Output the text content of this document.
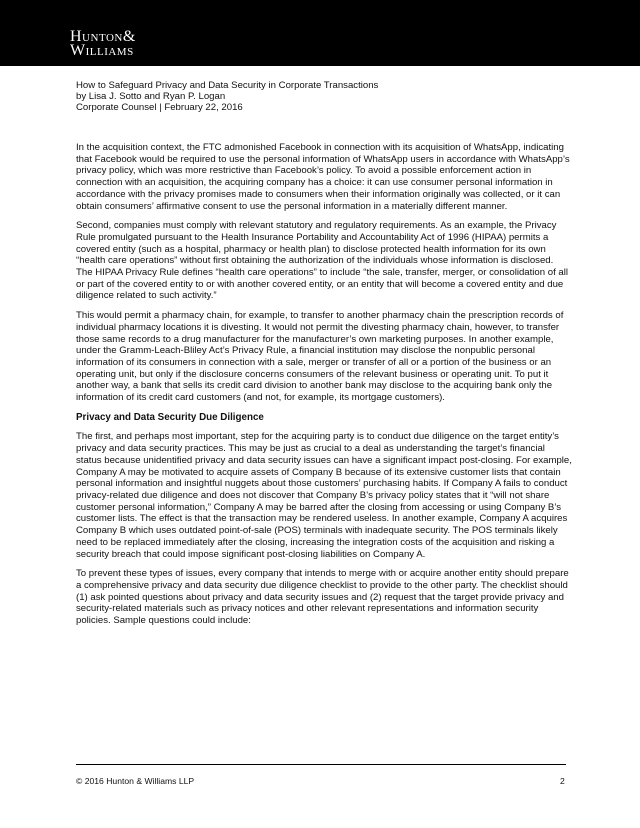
Hunton&
Williams
How to Safeguard Privacy and Data Security in Corporate Transactions
by Lisa J. Sotto and Ryan P. Logan
Corporate Counsel | February 22, 2016

In the acquisition context, the FTC admonished Facebook in connection with its acquisition of WhatsApp, indicating that Facebook would be required to use the personal information of WhatsApp users in accordance with WhatsApp’s privacy policy, which was more restrictive than Facebook’s policy. To avoid a possible enforcement action in connection with an acquisition, the acquiring company has a choice: it can use consumer personal information in accordance with the privacy promises made to consumers when their information originally was collected, or it can obtain consumers’ affirmative consent to use the personal information in a materially different manner.

Second, companies must comply with relevant statutory and regulatory requirements. As an example, the Privacy Rule promulgated pursuant to the Health Insurance Portability and Accountability Act of 1996 (HIPAA) permits a covered entity (such as a hospital, pharmacy or health plan) to disclose protected health information for its own “health care operations” without first obtaining the authorization of the individuals whose information is disclosed. The HIPAA Privacy Rule defines “health care operations” to include “the sale, transfer, merger, or consolidation of all or part of the covered entity to or with another covered entity, or an entity that will become a covered entity and due diligence related to such activity.”

This would permit a pharmacy chain, for example, to transfer to another pharmacy chain the prescription records of individual pharmacy locations it is divesting. It would not permit the divesting pharmacy chain, however, to transfer those same records to a drug manufacturer for the manufacturer’s own marketing purposes. In another example, under the Gramm-Leach-Bliley Act’s Privacy Rule, a financial institution may disclose the nonpublic personal information of its consumers in connection with a sale, merger or transfer of all or a portion of the business or an operating unit, but only if the disclosure concerns consumers of the relevant business or operating unit. To put it another way, a bank that sells its credit card division to another bank may disclose to the acquiring bank only the information of its credit card customers (and not, for example, its mortgage customers).

Privacy and Data Security Due Diligence

The first, and perhaps most important, step for the acquiring party is to conduct due diligence on the target entity’s privacy and data security practices. This may be just as crucial to a deal as understanding the target’s financial status because unidentified privacy and data security issues can have a significant impact post-closing. For example, Company A may be motivated to acquire assets of Company B because of its extensive customer lists that contain personal information and insightful nuggets about those customers’ purchasing habits. If Company A fails to conduct privacy-related due diligence and does not discover that Company B’s privacy policy states that it “will not share customer personal information,” Company A may be barred after the closing from accessing or using Company B’s customer lists. The effect is that the transaction may be rendered useless. In another example, Company A acquires Company B which uses outdated point-of-sale (POS) terminals with inadequate security. The POS terminals likely need to be replaced immediately after the closing, increasing the integration costs of the acquisition and risking a security breach that could impose significant post-closing liabilities on Company A.

To prevent these types of issues, every company that intends to merge with or acquire another entity should prepare a comprehensive privacy and data security due diligence checklist to provide to the other party. The checklist should (1) ask pointed questions about privacy and data security issues and (2) request that the target provide privacy and security-related materials such as privacy notices and other relevant representations and information security policies. Sample questions could include:

© 2016 Hunton & Williams LLP	2
